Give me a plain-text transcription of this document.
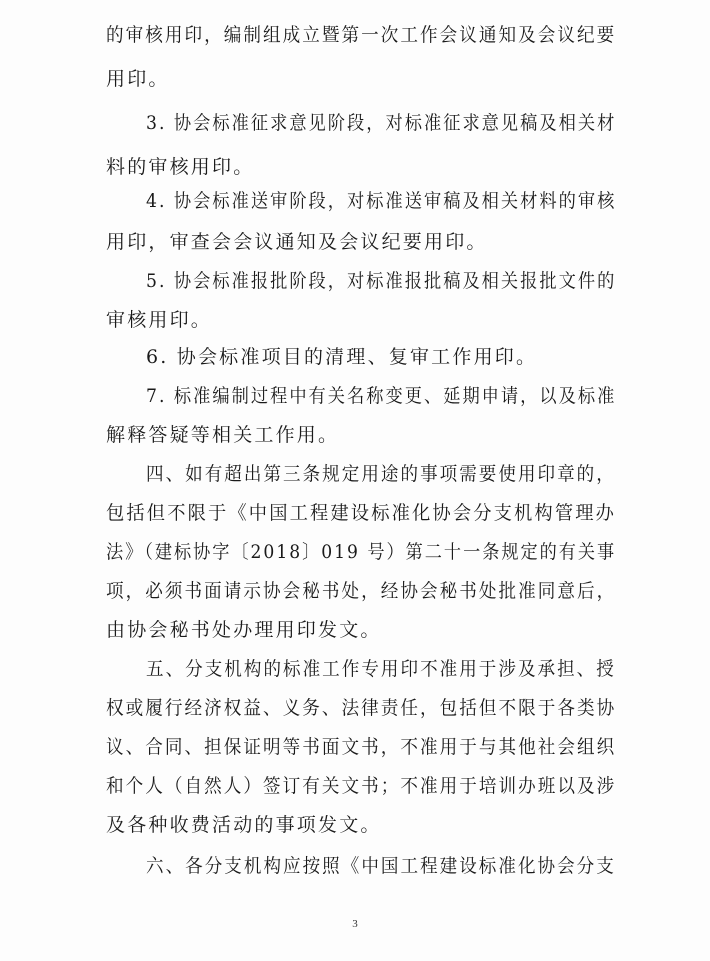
的审核用印，编制组成立暨第一次工作会议通知及会议纪要
用印。
3. 协会标准征求意见阶段，对标准征求意见稿及相关材
料的审核用印。
4. 协会标准送审阶段，对标准送审稿及相关材料的审核
用印，审查会会议通知及会议纪要用印。
5. 协会标准报批阶段，对标准报批稿及相关报批文件的
审核用印。
6. 协会标准项目的清理、复审工作用印。
7. 标准编制过程中有关名称变更、延期申请，以及标准
解释答疑等相关工作用。
四、如有超出第三条规定用途的事项需要使用印章的，
包括但不限于《中国工程建设标准化协会分支机构管理办
法》（建标协字〔2018〕019 号）第二十一条规定的有关事
项，必须书面请示协会秘书处，经协会秘书处批准同意后，
由协会秘书处办理用印发文。
五、分支机构的标准工作专用印不准用于涉及承担、授
权或履行经济权益、义务、法律责任，包括但不限于各类协
议、合同、担保证明等书面文书，不准用于与其他社会组织
和个人（自然人）签订有关文书；不准用于培训办班以及涉
及各种收费活动的事项发文。
六、各分支机构应按照《中国工程建设标准化协会分支
3
